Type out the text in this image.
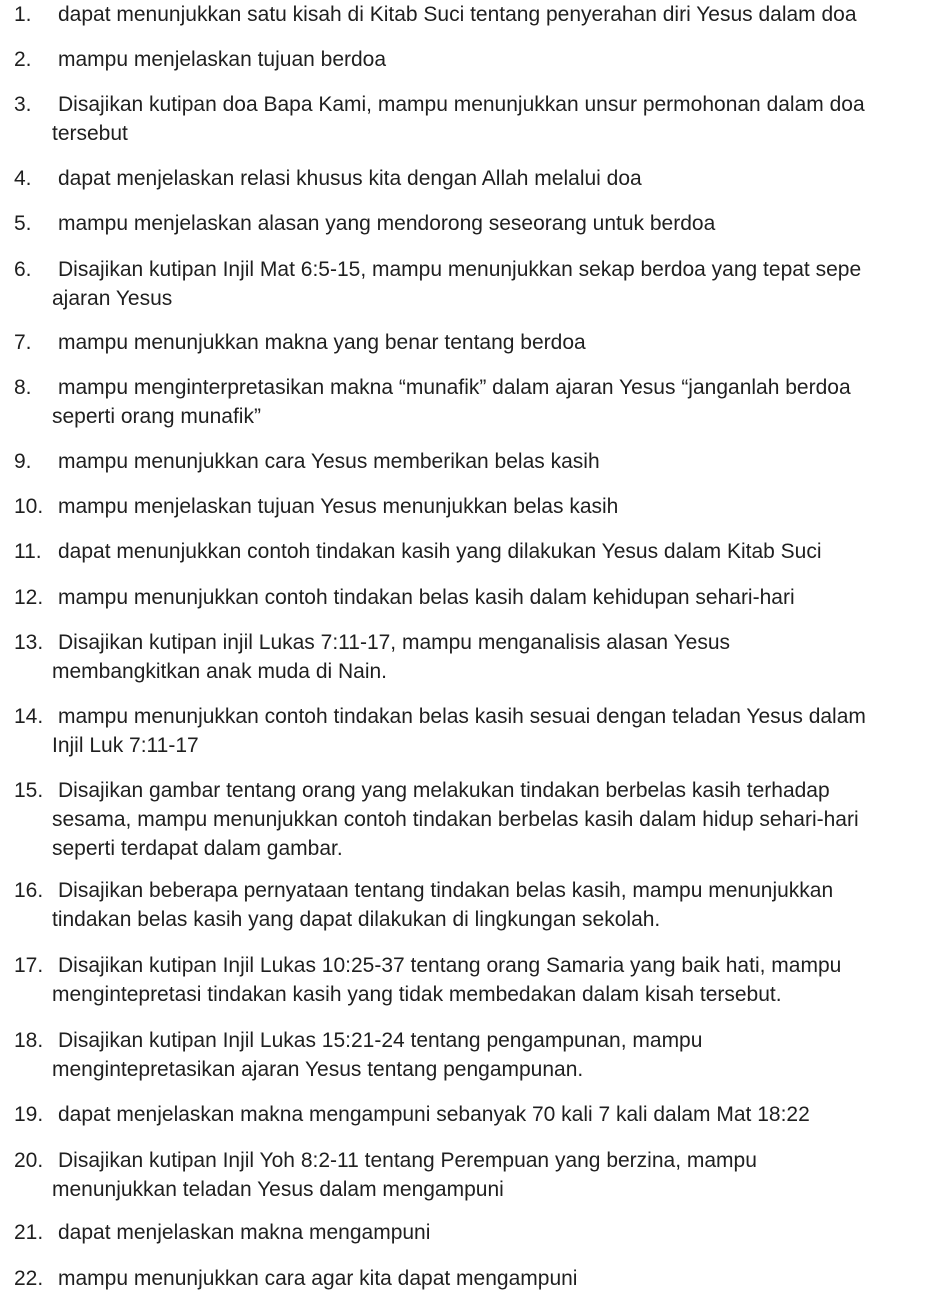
1.	dapat menunjukkan satu kisah di Kitab Suci tentang penyerahan diri Yesus dalam doa
2.	mampu menjelaskan tujuan berdoa
3.	Disajikan kutipan doa Bapa Kami, mampu menunjukkan unsur permohonan dalam doa
tersebut
4.	dapat menjelaskan relasi khusus kita dengan Allah melalui doa
5.	mampu menjelaskan alasan yang mendorong seseorang untuk berdoa
6.	Disajikan kutipan Injil Mat 6:5-15, mampu menunjukkan sekap berdoa yang tepat sepe
ajaran Yesus
7.	mampu menunjukkan makna yang benar tentang berdoa
8.	mampu menginterpretasikan makna “munafik” dalam ajaran Yesus “janganlah berdoa
seperti orang munafik”
9.	mampu menunjukkan cara Yesus memberikan belas kasih
10. mampu menjelaskan tujuan Yesus menunjukkan belas kasih
11. dapat menunjukkan contoh tindakan kasih yang dilakukan Yesus dalam Kitab Suci
12. mampu menunjukkan contoh tindakan belas kasih dalam kehidupan sehari-hari
13. Disajikan kutipan injil Lukas 7:11-17, mampu menganalisis alasan Yesus
membangkitkan anak muda di Nain.
14. mampu menunjukkan contoh tindakan belas kasih sesuai dengan teladan Yesus dalam
Injil Luk 7:11-17
15. Disajikan gambar tentang orang yang melakukan tindakan berbelas kasih terhadap
sesama, mampu menunjukkan contoh tindakan berbelas kasih dalam hidup sehari-hari
seperti terdapat dalam gambar.
16. Disajikan beberapa pernyataan tentang tindakan belas kasih, mampu menunjukkan
tindakan belas kasih yang dapat dilakukan di lingkungan sekolah.
17. Disajikan kutipan Injil Lukas 10:25-37 tentang orang Samaria yang baik hati, mampu
mengintepretasi tindakan kasih yang tidak membedakan dalam kisah tersebut.
18. Disajikan kutipan Injil Lukas 15:21-24 tentang pengampunan, mampu
mengintepretasikan ajaran Yesus tentang pengampunan.
19. dapat menjelaskan makna mengampuni sebanyak 70 kali 7 kali dalam Mat 18:22
20. Disajikan kutipan Injil Yoh 8:2-11 tentang Perempuan yang berzina, mampu
menunjukkan teladan Yesus dalam mengampuni
21. dapat menjelaskan makna mengampuni
22. mampu menunjukkan cara agar kita dapat mengampuni
